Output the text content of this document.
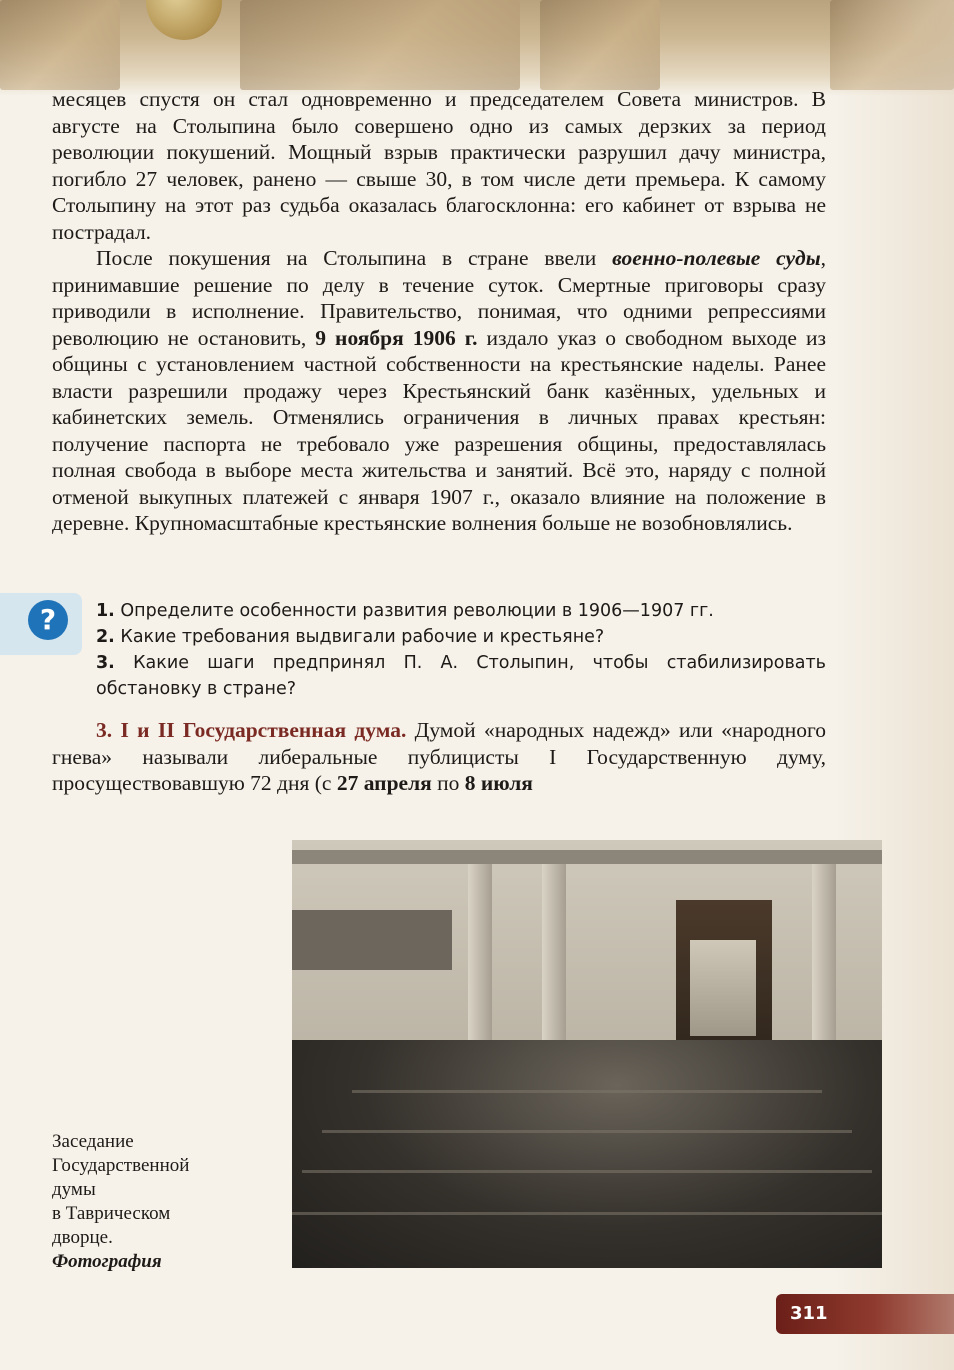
месяцев спустя он стал одновременно и председателем Совета министров. В августе на Столыпина было совершено одно из самых дерзких за период революции покушений. Мощный взрыв практически разрушил дачу министра, погибло 27 человек, ранено — свыше 30, в том числе дети премьера. К самому Столыпину на этот раз судьба оказалась благосклонна: его кабинет от взрыва не пострадал.

После покушения на Столыпина в стране ввели военно-полевые суды, принимавшие решение по делу в течение суток. Смертные приговоры сразу приводили в исполнение. Правительство, понимая, что одними репрессиями революцию не остановить, 9 ноября 1906 г. издало указ о свободном выходе из общины с установлением частной собственности на крестьянские наделы. Ранее власти разрешили продажу через Крестьянский банк казённых, удельных и кабинетских земель. Отменялись ограничения в личных правах крестьян: получение паспорта не требовало уже разрешения общины, предоставлялась полная свобода в выборе места жительства и занятий. Всё это, наряду с полной отменой выкупных платежей с января 1907 г., оказало влияние на положение в деревне. Крупномасштабные крестьянские волнения больше не возобновлялись.

?	1. Определите особенности развития революции в 1906—1907 гг.

2. Какие требования выдвигали рабочие и крестьяне?

3. Какие шаги предпринял П. А. Столыпин, чтобы стабилизировать обстановку в стране?

3. I и II Государственная дума. Думой «народных надежд» или «народного гнева» называли либеральные публицисты I Государственную думу, просуществовавшую 72 дня (с 27 апреля по 8 июля

Заседание
Государственной
думы
в Таврическом
дворце.
Фотография
311
